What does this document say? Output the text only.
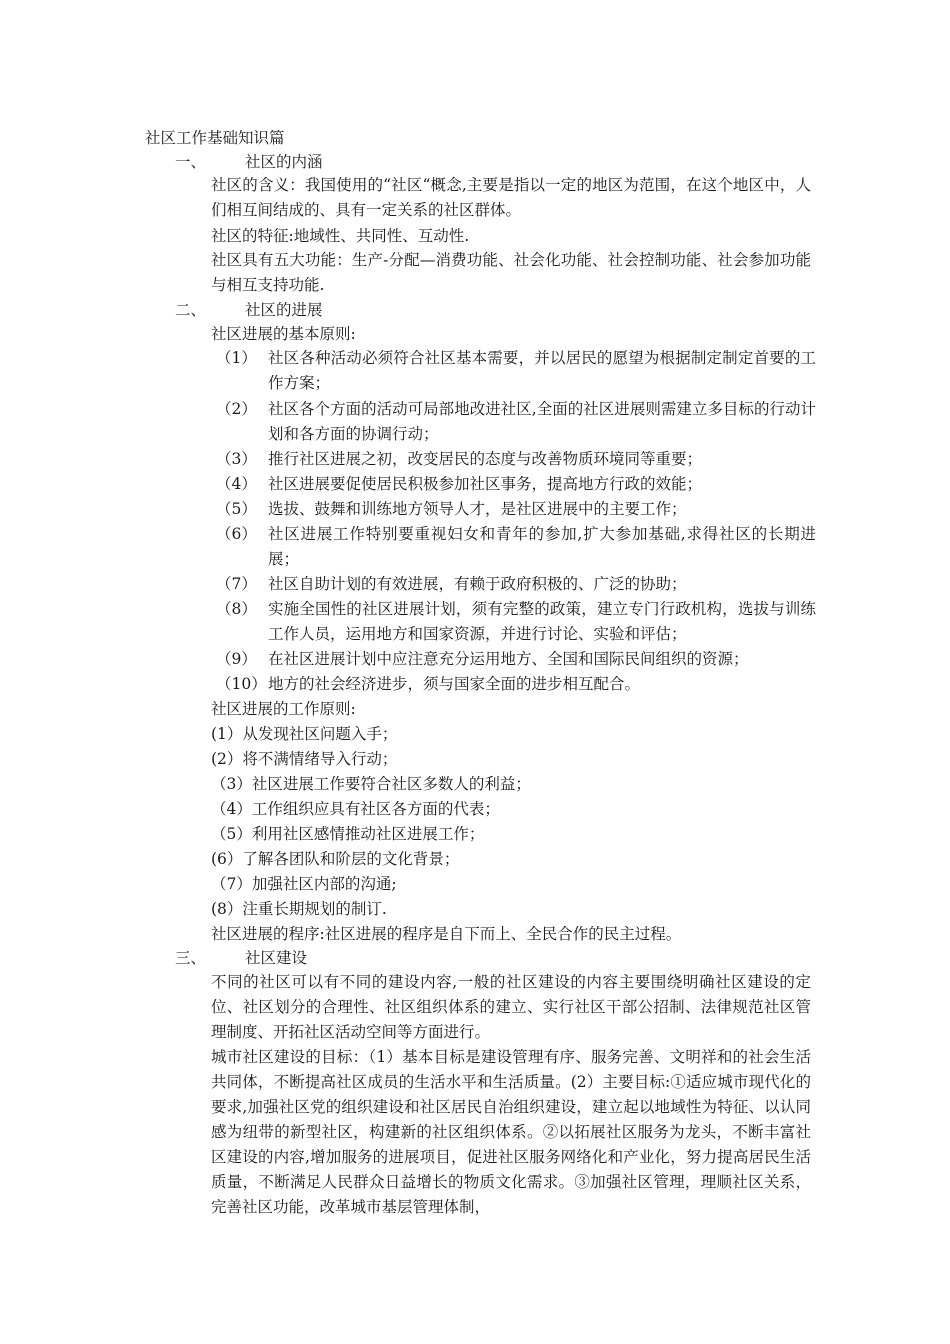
社区工作基础知识篇
一、	社区的内涵
社区的含义：我国使用的“社区“概念,主要是指以一定的地区为范围，在这个地区中，人们相互间结成的、具有一定关系的社区群体。
社区的特征:地域性、共同性、互动性.
社区具有五大功能：生产-分配—消费功能、社会化功能、社会控制功能、社会参加功能与相互支持功能.
二、	社区的进展
社区进展的基本原则:
（1） 社区各种活动必须符合社区基本需要，并以居民的愿望为根据制定制定首要的工作方案；
（2） 社区各个方面的活动可局部地改进社区,全面的社区进展则需建立多目标的行动计划和各方面的协调行动；
（3） 推行社区进展之初，改变居民的态度与改善物质环境同等重要；
（4） 社区进展要促使居民积极参加社区事务，提高地方行政的效能；
（5） 选拔、鼓舞和训练地方领导人才，是社区进展中的主要工作；
（6） 社区进展工作特别要重视妇女和青年的参加,扩大参加基础,求得社区的长期进展；
（7） 社区自助计划的有效进展，有赖于政府积极的、广泛的协助；
（8） 实施全国性的社区进展计划，须有完整的政策，建立专门行政机构，选拔与训练工作人员，运用地方和国家资源，并进行讨论、实验和评估；
（9） 在社区进展计划中应注意充分运用地方、全国和国际民间组织的资源；
（10） 地方的社会经济进步，须与国家全面的进步相互配合。
社区进展的工作原则:
(1）从发现社区问题入手；
(2）将不满情绪导入行动；
（3）社区进展工作要符合社区多数人的利益；
（4）工作组织应具有社区各方面的代表；
（5）利用社区感情推动社区进展工作；
(6）了解各团队和阶层的文化背景；
（7）加强社区内部的沟通;
(8）注重长期规划的制订.
社区进展的程序:社区进展的程序是自下而上、全民合作的民主过程。
三、	社区建设
不同的社区可以有不同的建设内容,一般的社区建设的内容主要围绕明确社区建设的定位、社区划分的合理性、社区组织体系的建立、实行社区干部公招制、法律规范社区管理制度、开拓社区活动空间等方面进行。
城市社区建设的目标：（1）基本目标是建设管理有序、服务完善、文明祥和的社会生活共同体，不断提高社区成员的生活水平和生活质量。(2）主要目标:①适应城市现代化的要求,加强社区党的组织建设和社区居民自治组织建设，建立起以地域性为特征、以认同感为纽带的新型社区，构建新的社区组织体系。②以拓展社区服务为龙头，不断丰富社区建设的内容,增加服务的进展项目，促进社区服务网络化和产业化，努力提高居民生活质量，不断满足人民群众日益增长的物质文化需求。③加强社区管理，理顺社区关系，完善社区功能，改革城市基层管理体制，
